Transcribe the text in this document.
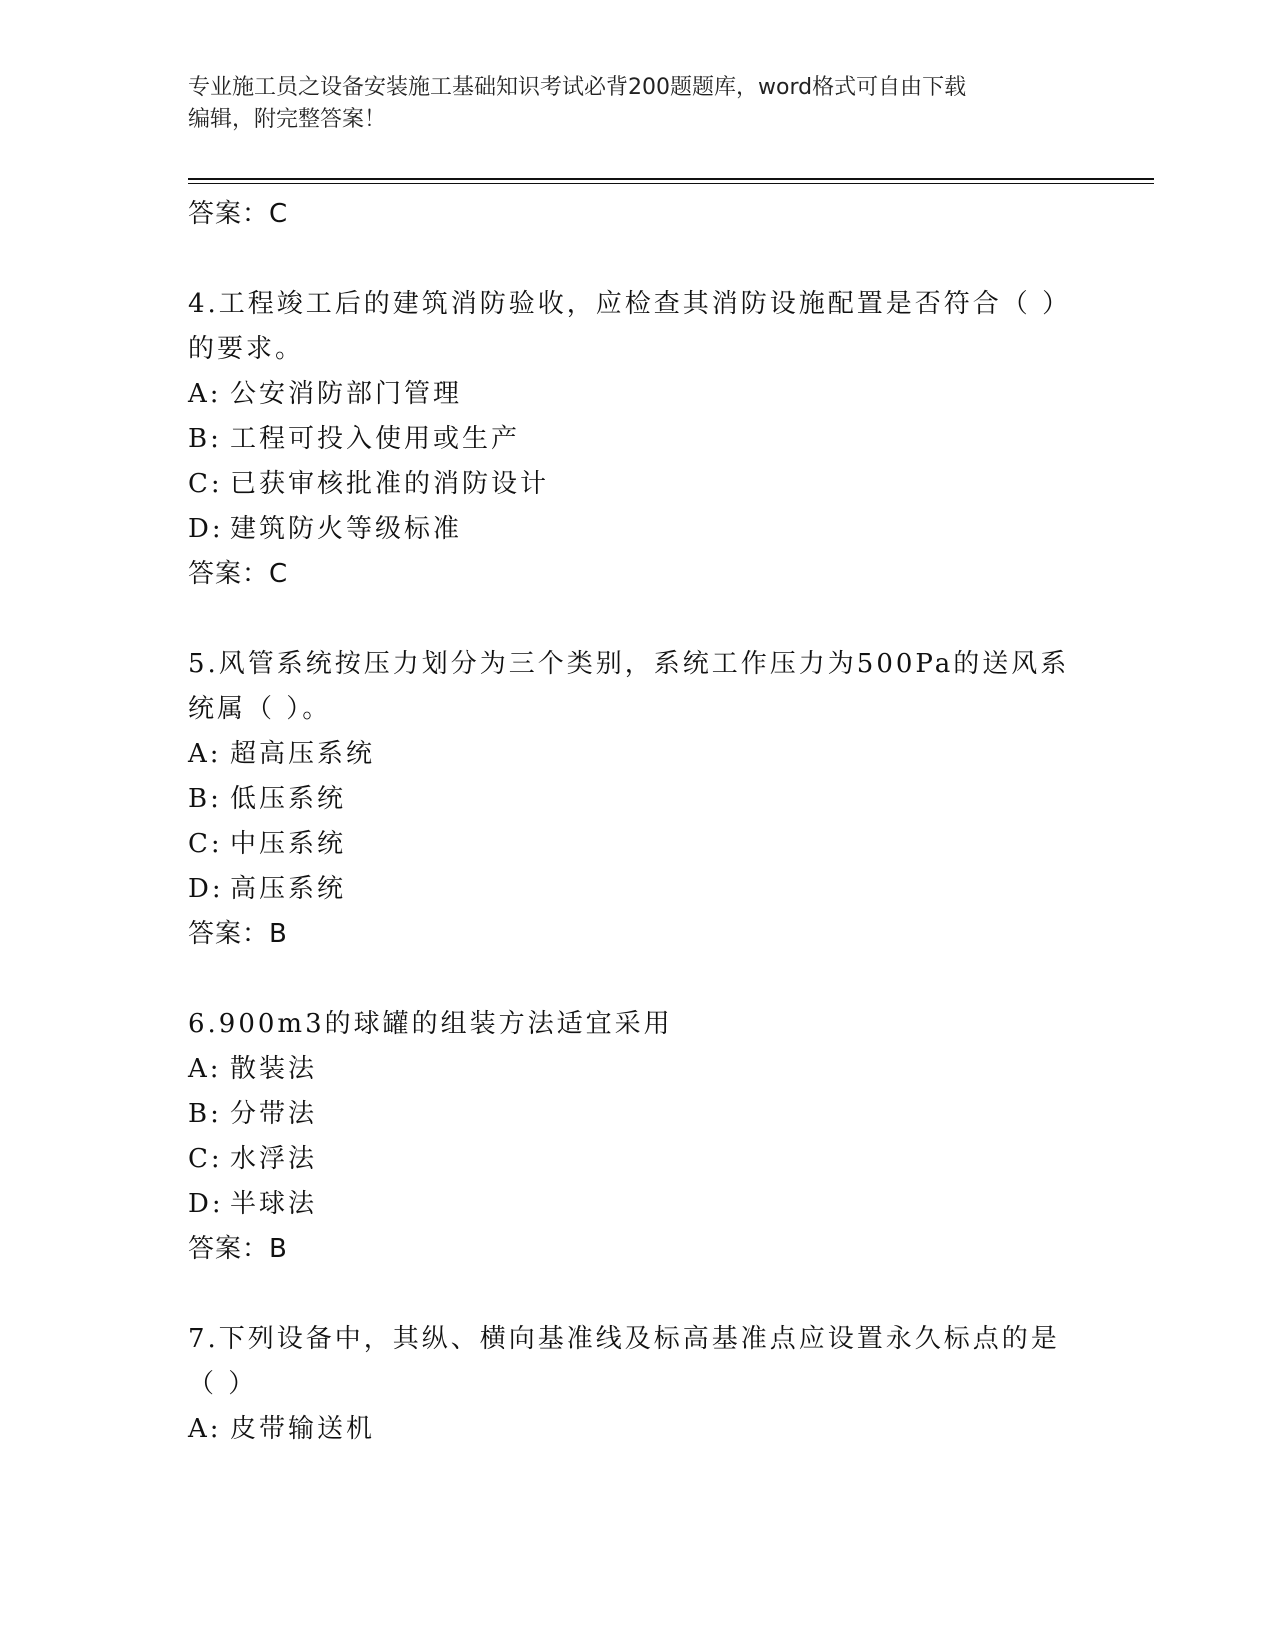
专业施工员之设备安装施工基础知识考试必背200题题库，word格式可自由下载
编辑，附完整答案！
答案：C
4.工程竣工后的建筑消防验收，应检查其消防设施配置是否符合（ ）
的要求。
A: 公安消防部门管理
B: 工程可投入使用或生产
C: 已获审核批准的消防设计
D: 建筑防火等级标准
答案：C
5.风管系统按压力划分为三个类别，系统工作压力为500Pa的送风系
统属（ ）。
A: 超高压系统
B: 低压系统
C: 中压系统
D: 高压系统
答案：B
6.900m3的球罐的组装方法适宜采用
A: 散装法
B: 分带法
C: 水浮法
D: 半球法
答案：B
7.下列设备中，其纵、横向基准线及标高基准点应设置永久标点的是
（ ）
A: 皮带输送机
